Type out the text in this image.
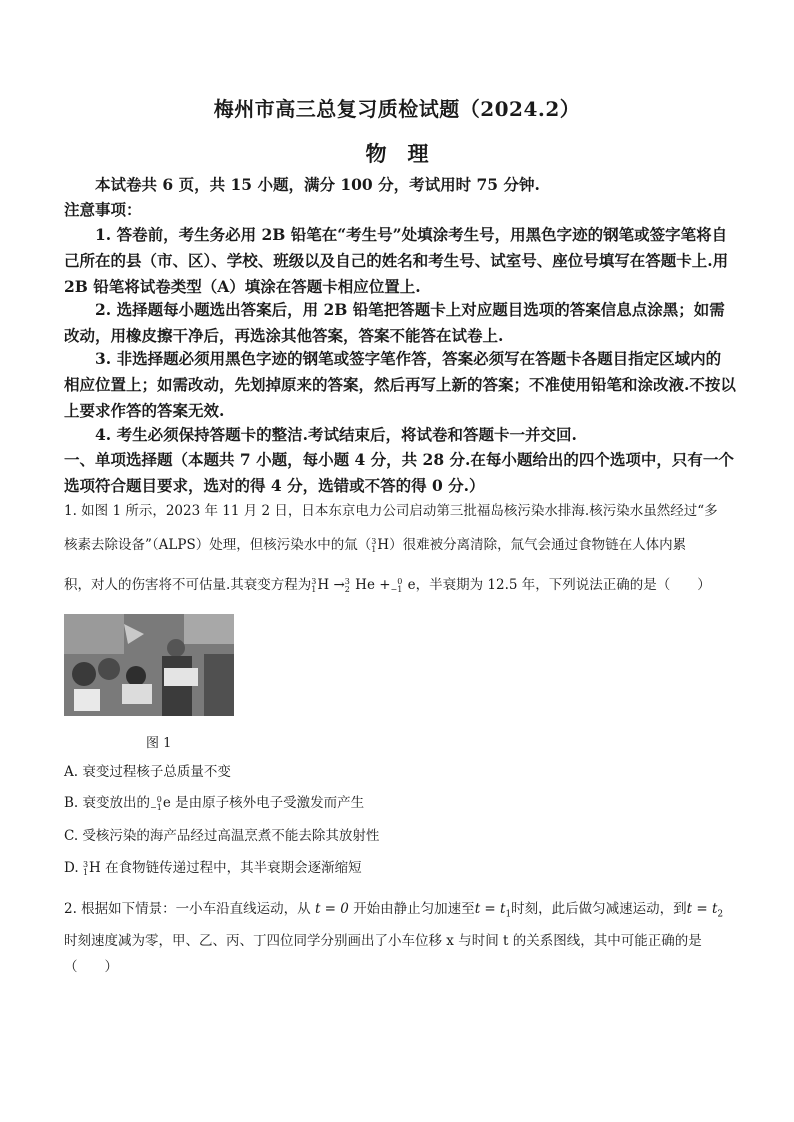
梅州市高三总复习质检试题（2024.2）
物　理
本试卷共 6 页，共 15 小题，满分 100 分，考试用时 75 分钟.
注意事项：
1. 答卷前，考生务必用 2B 铅笔在“考生号”处填涂考生号，用黑色字迹的钢笔或签字笔将自己所在的县（市、区）、学校、班级以及自己的姓名和考生号、试室号、座位号填写在答题卡上.用 2B 铅笔将试卷类型（A）填涂在答题卡相应位置上.
2. 选择题每小题选出答案后，用 2B 铅笔把答题卡上对应题目选项的答案信息点涂黑；如需改动，用橡皮擦干净后，再选涂其他答案，答案不能答在试卷上.
3. 非选择题必须用黑色字迹的钢笔或签字笔作答，答案必须写在答题卡各题目指定区域内的相应位置上；如需改动，先划掉原来的答案，然后再写上新的答案；不准使用铅笔和涂改液.不按以上要求作答的答案无效.
4. 考生必须保持答题卡的整洁.考试结束后，将试卷和答题卡一并交回.
一、单项选择题（本题共 7 小题，每小题 4 分，共 28 分.在每小题给出的四个选项中，只有一个选项符合题目要求，选对的得 4 分，选错或不答的得 0 分.）
1. 如图 1 所示，2023 年 11 月 2 日，日本东京电力公司启动第三批福岛核污染水排海.核污染水虽然经过“多
核素去除设备”（ALPS）处理，但核污染水中的氚（ 3
1 H）很难被分离清除，氚气会通过食物链在人体内累
积，对人的伤害将不可估量.其衰变方程为 3
1 H → 3
2 He + 0
−1 e，半衰期为 12.5 年，下列说法正确的是（　　）
图 1
A. 衰变过程核子总质量不变
B. 衰变放出的 0
−1 e 是由原子核外电子受激发而产生
C. 受核污染的海产品经过高温烹煮不能去除其放射性
D. 3
1 H 在食物链传递过程中，其半衰期会逐渐缩短
2. 根据如下情景：一小车沿直线运动，从 t = 0 开始由静止匀加速至$t = t_1$时刻，此后做匀减速运动，到$t = t_2$
时刻速度减为零，甲、乙、丙、丁四位同学分别画出了小车位移 x 与时间 t 的关系图线，其中可能正确的是
（　　）
